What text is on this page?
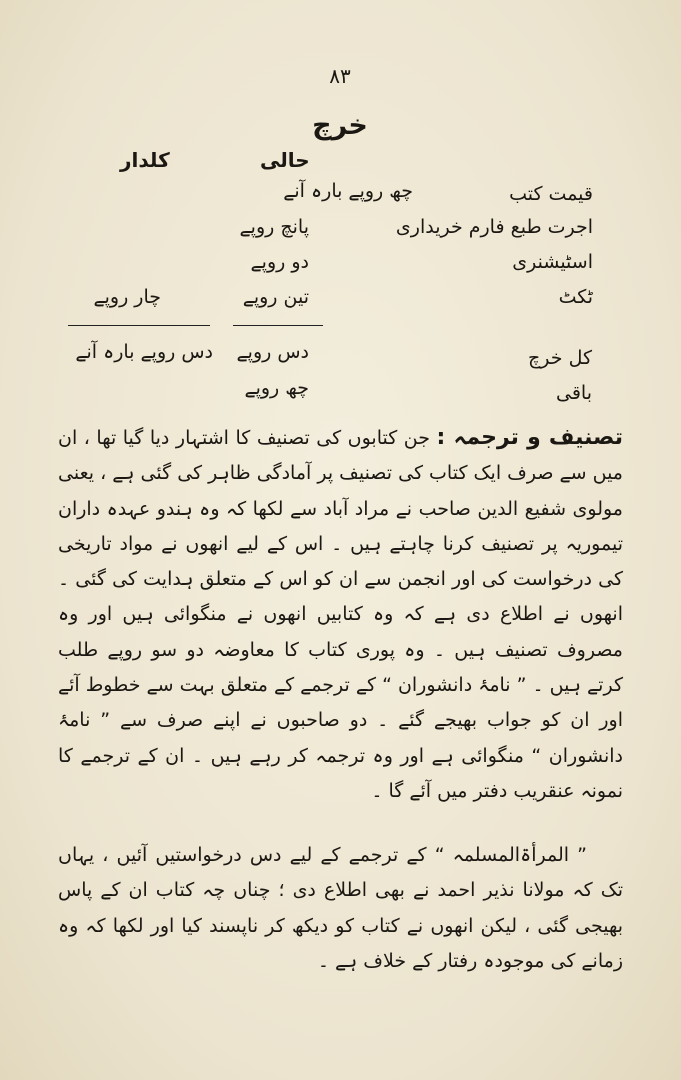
۸۳
خرچ
حالی
کلدار
قیمت کتب
چھ روپے بارہ آنے
اجرت طبع فارم خریداری
پانچ روپے
اسٹیشنری
دو روپے
ٹکٹ
تین روپے
چار روپے
کل خرچ
دس روپے
دس روپے بارہ آنے
باقی
چھ روپے
تصنیف و ترجمہ : جن کتابوں کی تصنیف کا اشتہار دیا گیا تھا ، ان میں سے صرف ایک کتاب کی تصنیف پر آمادگی ظاہر کی گئی ہے ، یعنی مولوی شفیع الدین صاحب نے مراد آباد سے لکھا کہ وہ ہندو عہدہ داران تیموریہ پر تصنیف کرنا چاہتے ہیں ۔ اس کے لیے انھوں نے مواد تاریخی کی درخواست کی اور انجمن سے ان کو اس کے متعلق ہدایت کی گئی ۔ انھوں نے اطلاع دی ہے کہ وہ کتابیں انھوں نے منگوائی ہیں اور وہ مصروف تصنیف ہیں ۔ وہ پوری کتاب کا معاوضہ دو سو روپے طلب کرتے ہیں ۔ ” نامۂ دانشوران “ کے ترجمے کے متعلق بہت سے خطوط آئے اور ان کو جواب بھیجے گئے ۔ دو صاحبوں نے اپنے صرف سے ” نامۂ دانشوران “ منگوائی ہے اور وہ ترجمہ کر رہے ہیں ۔ ان کے ترجمے کا نمونہ عنقریب دفتر میں آئے گا ۔
” المرأۃالمسلمہ “ کے ترجمے کے لیے دس درخواستیں آئیں ، یہاں تک کہ مولانا نذیر احمد نے بھی اطلاع دی ؛ چناں چہ کتاب ان کے پاس بھیجی گئی ، لیکن انھوں نے کتاب کو دیکھ کر ناپسند کیا اور لکھا کہ وہ زمانے کی موجودہ رفتار کے خلاف ہے ۔
